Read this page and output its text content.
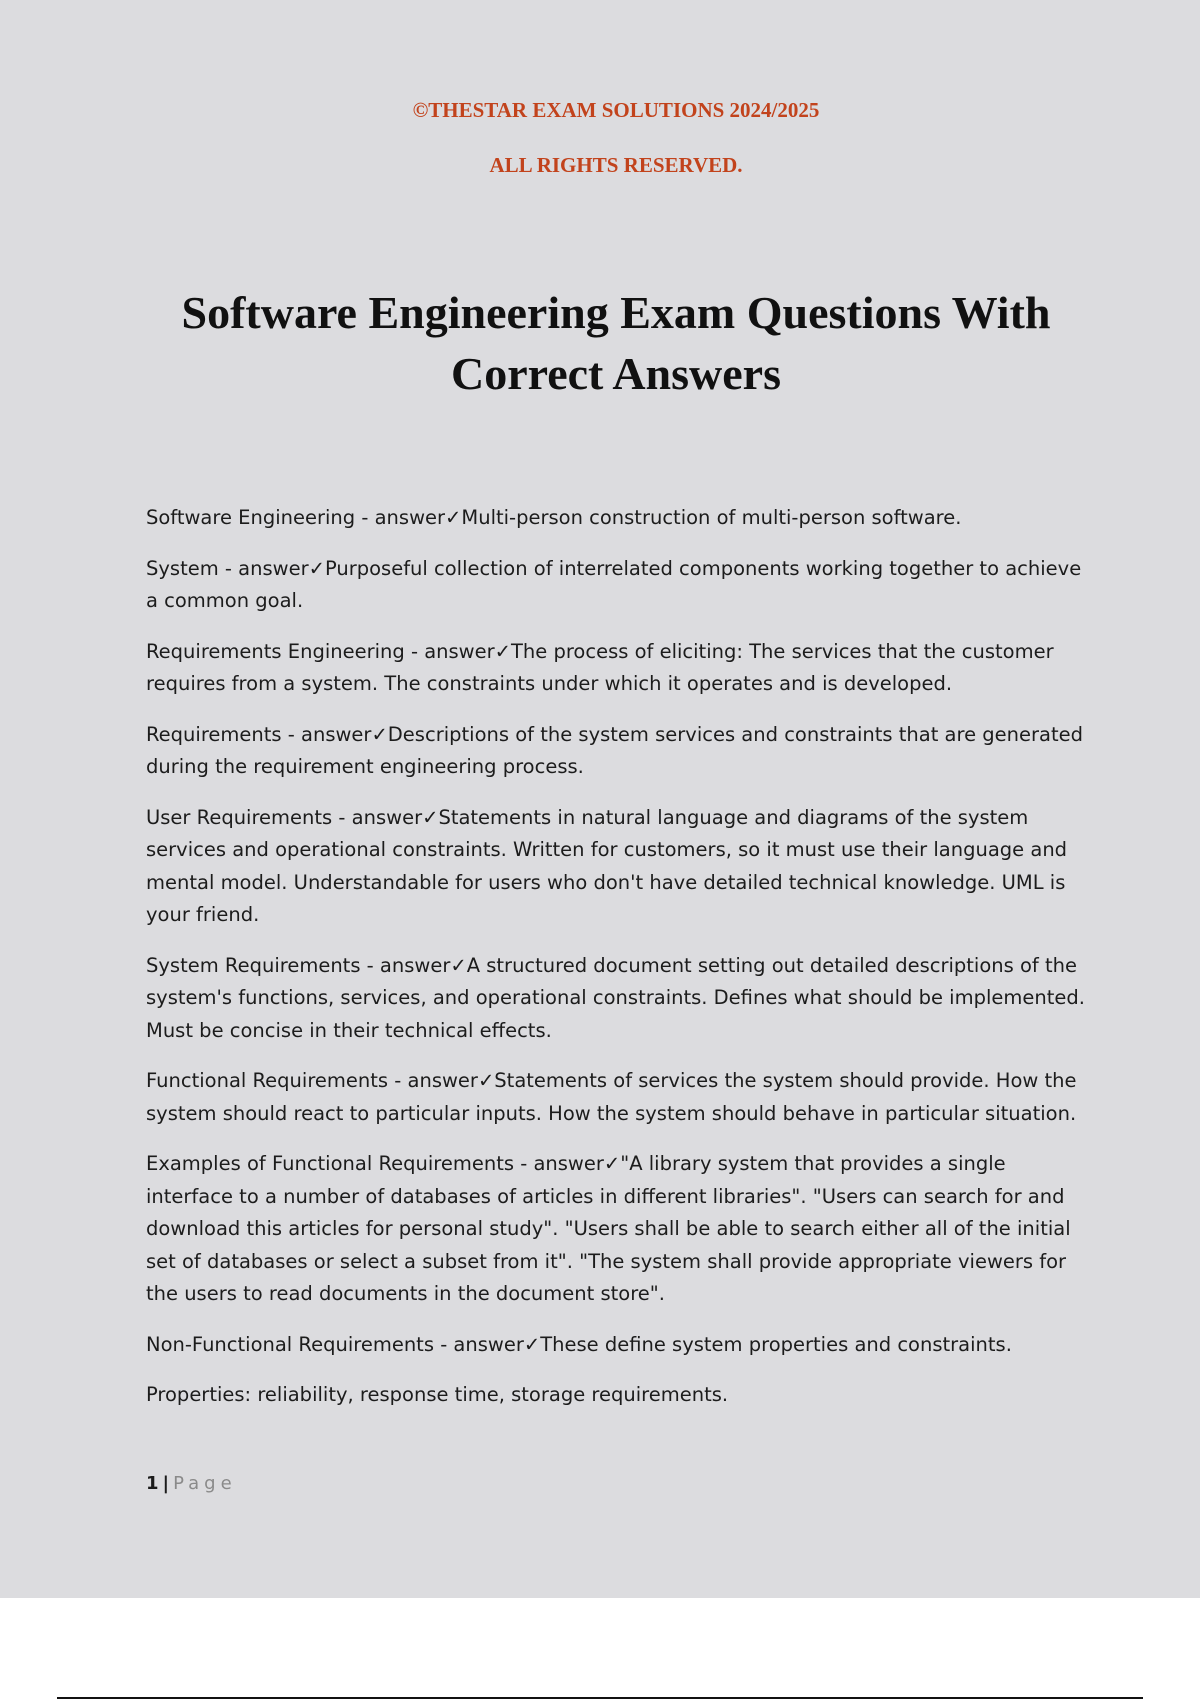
©THESTAR EXAM SOLUTIONS 2024/2025
ALL RIGHTS RESERVED.
Software Engineering Exam Questions With Correct Answers

Software Engineering - answer✓Multi-person construction of multi-person software.

System - answer✓Purposeful collection of interrelated components working together to achieve a common goal.

Requirements Engineering - answer✓The process of eliciting: The services that the customer requires from a system. The constraints under which it operates and is developed.

Requirements - answer✓Descriptions of the system services and constraints that are generated during the requirement engineering process.

User Requirements - answer✓Statements in natural language and diagrams of the system services and operational constraints. Written for customers, so it must use their language and mental model. Understandable for users who don't have detailed technical knowledge. UML is your friend.

System Requirements - answer✓A structured document setting out detailed descriptions of the system's functions, services, and operational constraints. Defines what should be implemented. Must be concise in their technical effects.

Functional Requirements - answer✓Statements of services the system should provide. How the system should react to particular inputs. How the system should behave in particular situation.

Examples of Functional Requirements - answer✓"A library system that provides a single interface to a number of databases of articles in different libraries". "Users can search for and download this articles for personal study". "Users shall be able to search either all of the initial set of databases or select a subset from it". "The system shall provide appropriate viewers for the users to read documents in the document store".

Non-Functional Requirements - answer✓These define system properties and constraints.

Properties: reliability, response time, storage requirements.

1 | Page
